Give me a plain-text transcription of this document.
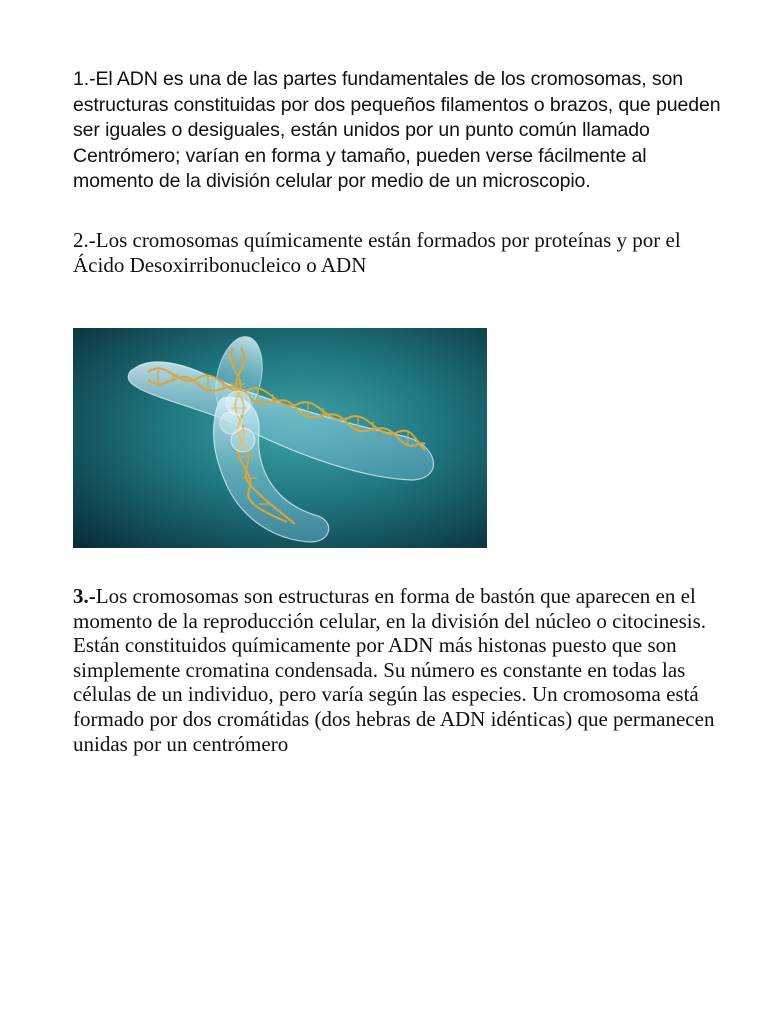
1.-El ADN es una de las partes fundamentales de los cromosomas, son estructuras constituidas por dos pequeños filamentos o brazos, que pueden ser iguales o desiguales, están unidos por un punto común llamado Centrómero; varían en forma y tamaño, pueden verse fácilmente al momento de la división celular por medio de un microscopio.

2.-Los cromosomas químicamente están formados por proteínas y por el Ácido Desoxirribonucleico o ADN

3.-Los cromosomas son estructuras en forma de bastón que aparecen en el momento de la reproducción celular, en la división del núcleo o citocinesis. Están constituidos químicamente por ADN más histonas puesto que son simplemente cromatina condensada. Su número es constante en todas las células de un individuo, pero varía según las especies. Un cromosoma está formado por dos cromátidas (dos hebras de ADN idénticas) que permanecen unidas por un centrómero
